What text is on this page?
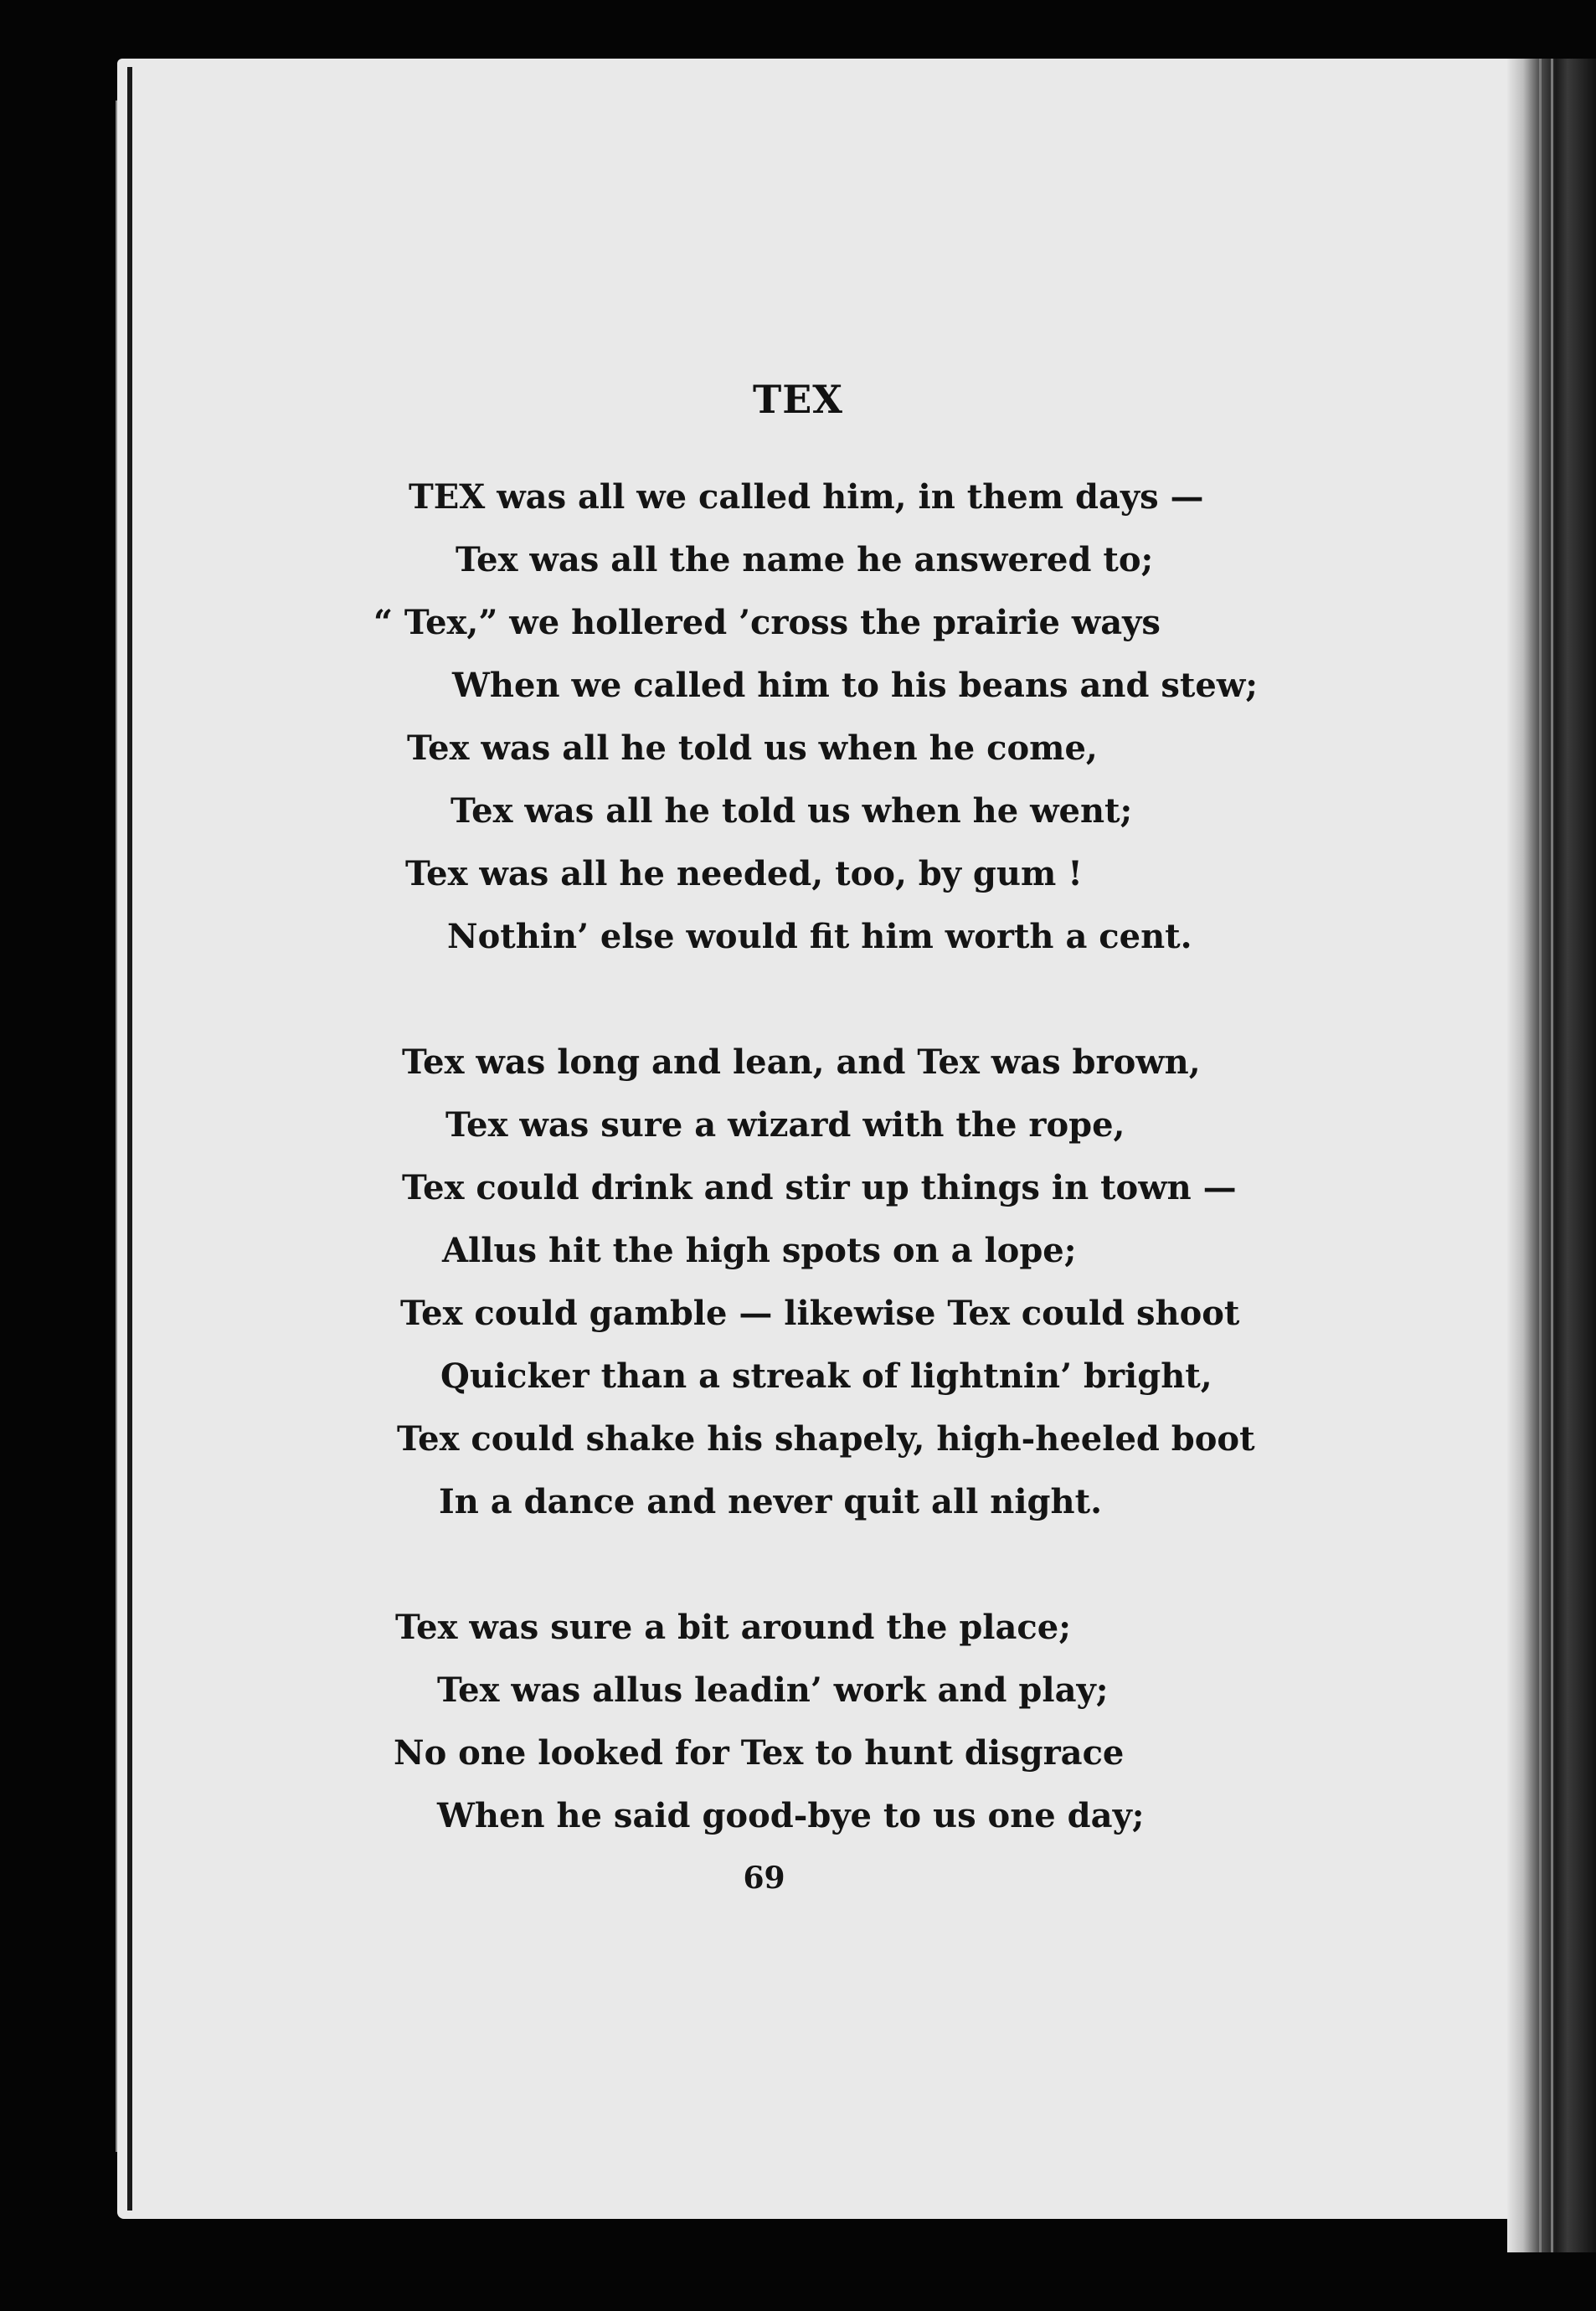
TEX
TEX was all we called him, in them days —
Tex was all the name he answered to;
“ Tex,” we hollered ’cross the prairie ways
When we called him to his beans and stew;
Tex was all he told us when he come,
Tex was all he told us when he went;
Tex was all he needed, too, by gum !
Nothin’ else would fit him worth a cent.
Tex was long and lean, and Tex was brown,
Tex was sure a wizard with the rope,
Tex could drink and stir up things in town —
Allus hit the high spots on a lope;
Tex could gamble — likewise Tex could shoot
Quicker than a streak of lightnin’ bright,
Tex could shake his shapely, high-heeled boot
In a dance and never quit all night.
Tex was sure a bit around the place;
Tex was allus leadin’ work and play;
No one looked for Tex to hunt disgrace
When he said good-bye to us one day;
69
